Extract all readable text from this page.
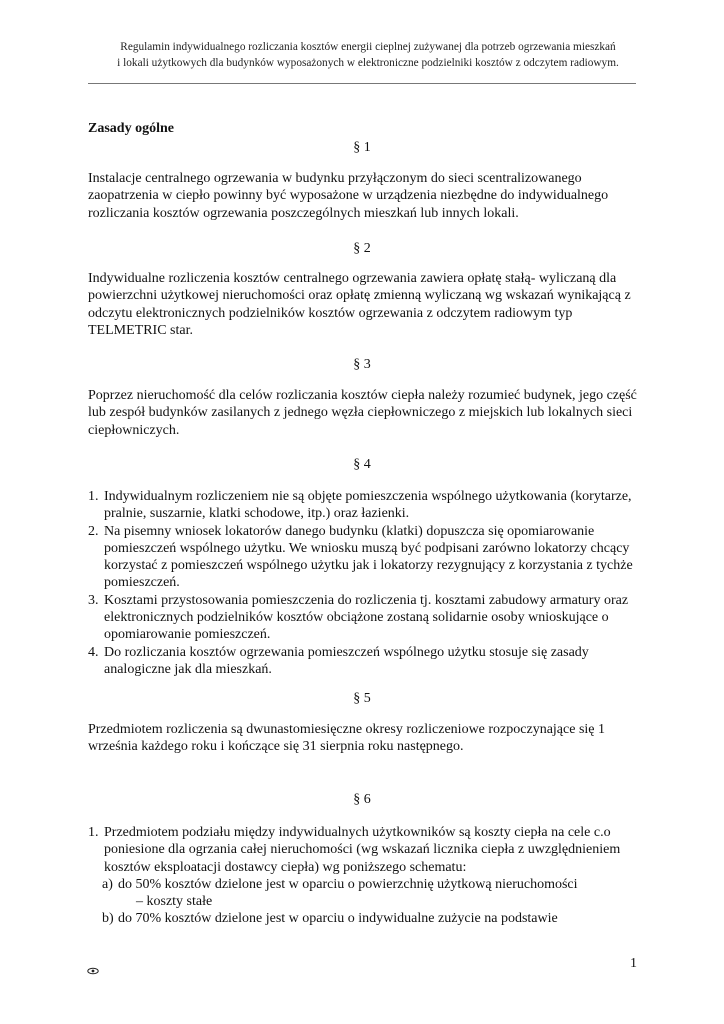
Regulamin indywidualnego rozliczania kosztów energii cieplnej zużywanej dla potrzeb ogrzewania mieszkań
i lokali użytkowych dla budynków wyposażonych w elektroniczne podzielniki kosztów z odczytem radiowym.
Zasady ogólne
§ 1
Instalacje centralnego ogrzewania w budynku przyłączonym do sieci scentralizowanego zaopatrzenia w ciepło powinny być wyposażone w urządzenia niezbędne do indywidualnego rozliczania kosztów ogrzewania poszczególnych mieszkań lub innych lokali.
§ 2
Indywidualne rozliczenia kosztów centralnego ogrzewania zawiera opłatę stałą- wyliczaną dla powierzchni użytkowej nieruchomości oraz opłatę zmienną wyliczaną wg wskazań wynikającą z odczytu elektronicznych podzielników kosztów ogrzewania z odczytem radiowym typ TELMETRIC star.
§ 3
Poprzez nieruchomość dla celów rozliczania kosztów ciepła należy rozumieć budynek, jego część lub zespół budynków zasilanych z jednego węzła ciepłowniczego z miejskich lub lokalnych sieci ciepłowniczych.
§ 4
1. Indywidualnym rozliczeniem nie są objęte pomieszczenia wspólnego użytkowania (korytarze, pralnie, suszarnie, klatki schodowe, itp.) oraz łazienki.
2. Na pisemny wniosek lokatorów danego budynku (klatki) dopuszcza się opomiarowanie pomieszczeń wspólnego użytku. We wniosku muszą być podpisani zarówno lokatorzy chcący korzystać z pomieszczeń wspólnego użytku jak i lokatorzy rezygnujący z korzystania z tychże pomieszczeń.
3. Kosztami przystosowania pomieszczenia do rozliczenia tj. kosztami zabudowy armatury oraz elektronicznych podzielników kosztów obciążone zostaną solidarnie osoby wnioskujące o opomiarowanie pomieszczeń.
4. Do rozliczania kosztów ogrzewania pomieszczeń wspólnego użytku stosuje się zasady analogiczne jak dla mieszkań.
§ 5
Przedmiotem rozliczenia są dwunastomiesięczne okresy rozliczeniowe rozpoczynające się 1 września każdego roku i kończące się 31 sierpnia roku następnego.
§ 6
1. Przedmiotem podziału między indywidualnych użytkowników są koszty ciepła na cele c.o poniesione dla ogrzania całej nieruchomości (wg wskazań licznika ciepła z uwzględnieniem kosztów eksploatacji dostawcy ciepła) wg poniższego schematu:
a) do 50% kosztów dzielone jest w oparciu o powierzchnię użytkową nieruchomości
– koszty stałe
b) do 70% kosztów dzielone jest w oparciu o indywidualne zużycie na podstawie
1
